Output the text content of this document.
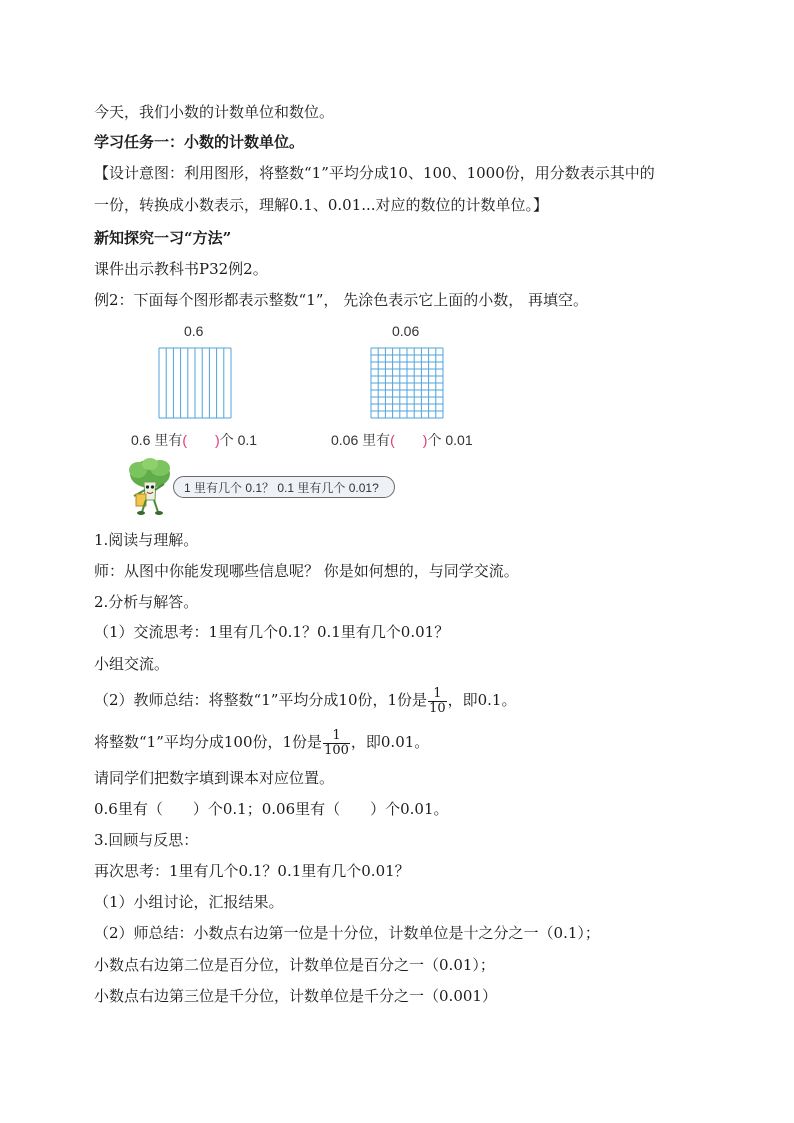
今天，我们小数的计数单位和数位。
学习任务一：小数的计数单位。
【设计意图：利用图形，将整数“1”平均分成10、100、1000份，用分数表示其中的
一份，转换成小数表示，理解0.1、0.01...对应的数位的计数单位。】
新知探究一习“方法”
课件出示教科书P32例2。
例2：下面每个图形都表示整数“1”， 先涂色表示它上面的小数， 再填空。
0.6	0.06
0.6 里有(　　)个 0.1	0.06 里有(　　)个 0.01
1 里有几个 0.1？ 0.1 里有几个 0.01?
1.阅读与理解。
师：从图中你能发现哪些信息呢？ 你是如何想的，与同学交流。
2.分析与解答。
（1）交流思考：1里有几个0.1？0.1里有几个0.01？
小组交流。
（2）教师总结：将整数“1”平均分成10份，1份是 $\frac{1}{10}$ ，即0.1。
将整数“1”平均分成100份，1份是 $\frac{1}{100}$ ，即0.01。
请同学们把数字填到课本对应位置。
0.6里有（　　）个0.1；0.06里有（　　）个0.01。
3.回顾与反思：
再次思考：1里有几个0.1？0.1里有几个0.01？
（1）小组讨论，汇报结果。
（2）师总结：小数点右边第一位是十分位，计数单位是十之分之一（0.1）；
小数点右边第二位是百分位，计数单位是百分之一（0.01）；
小数点右边第三位是千分位，计数单位是千分之一（0.001）
